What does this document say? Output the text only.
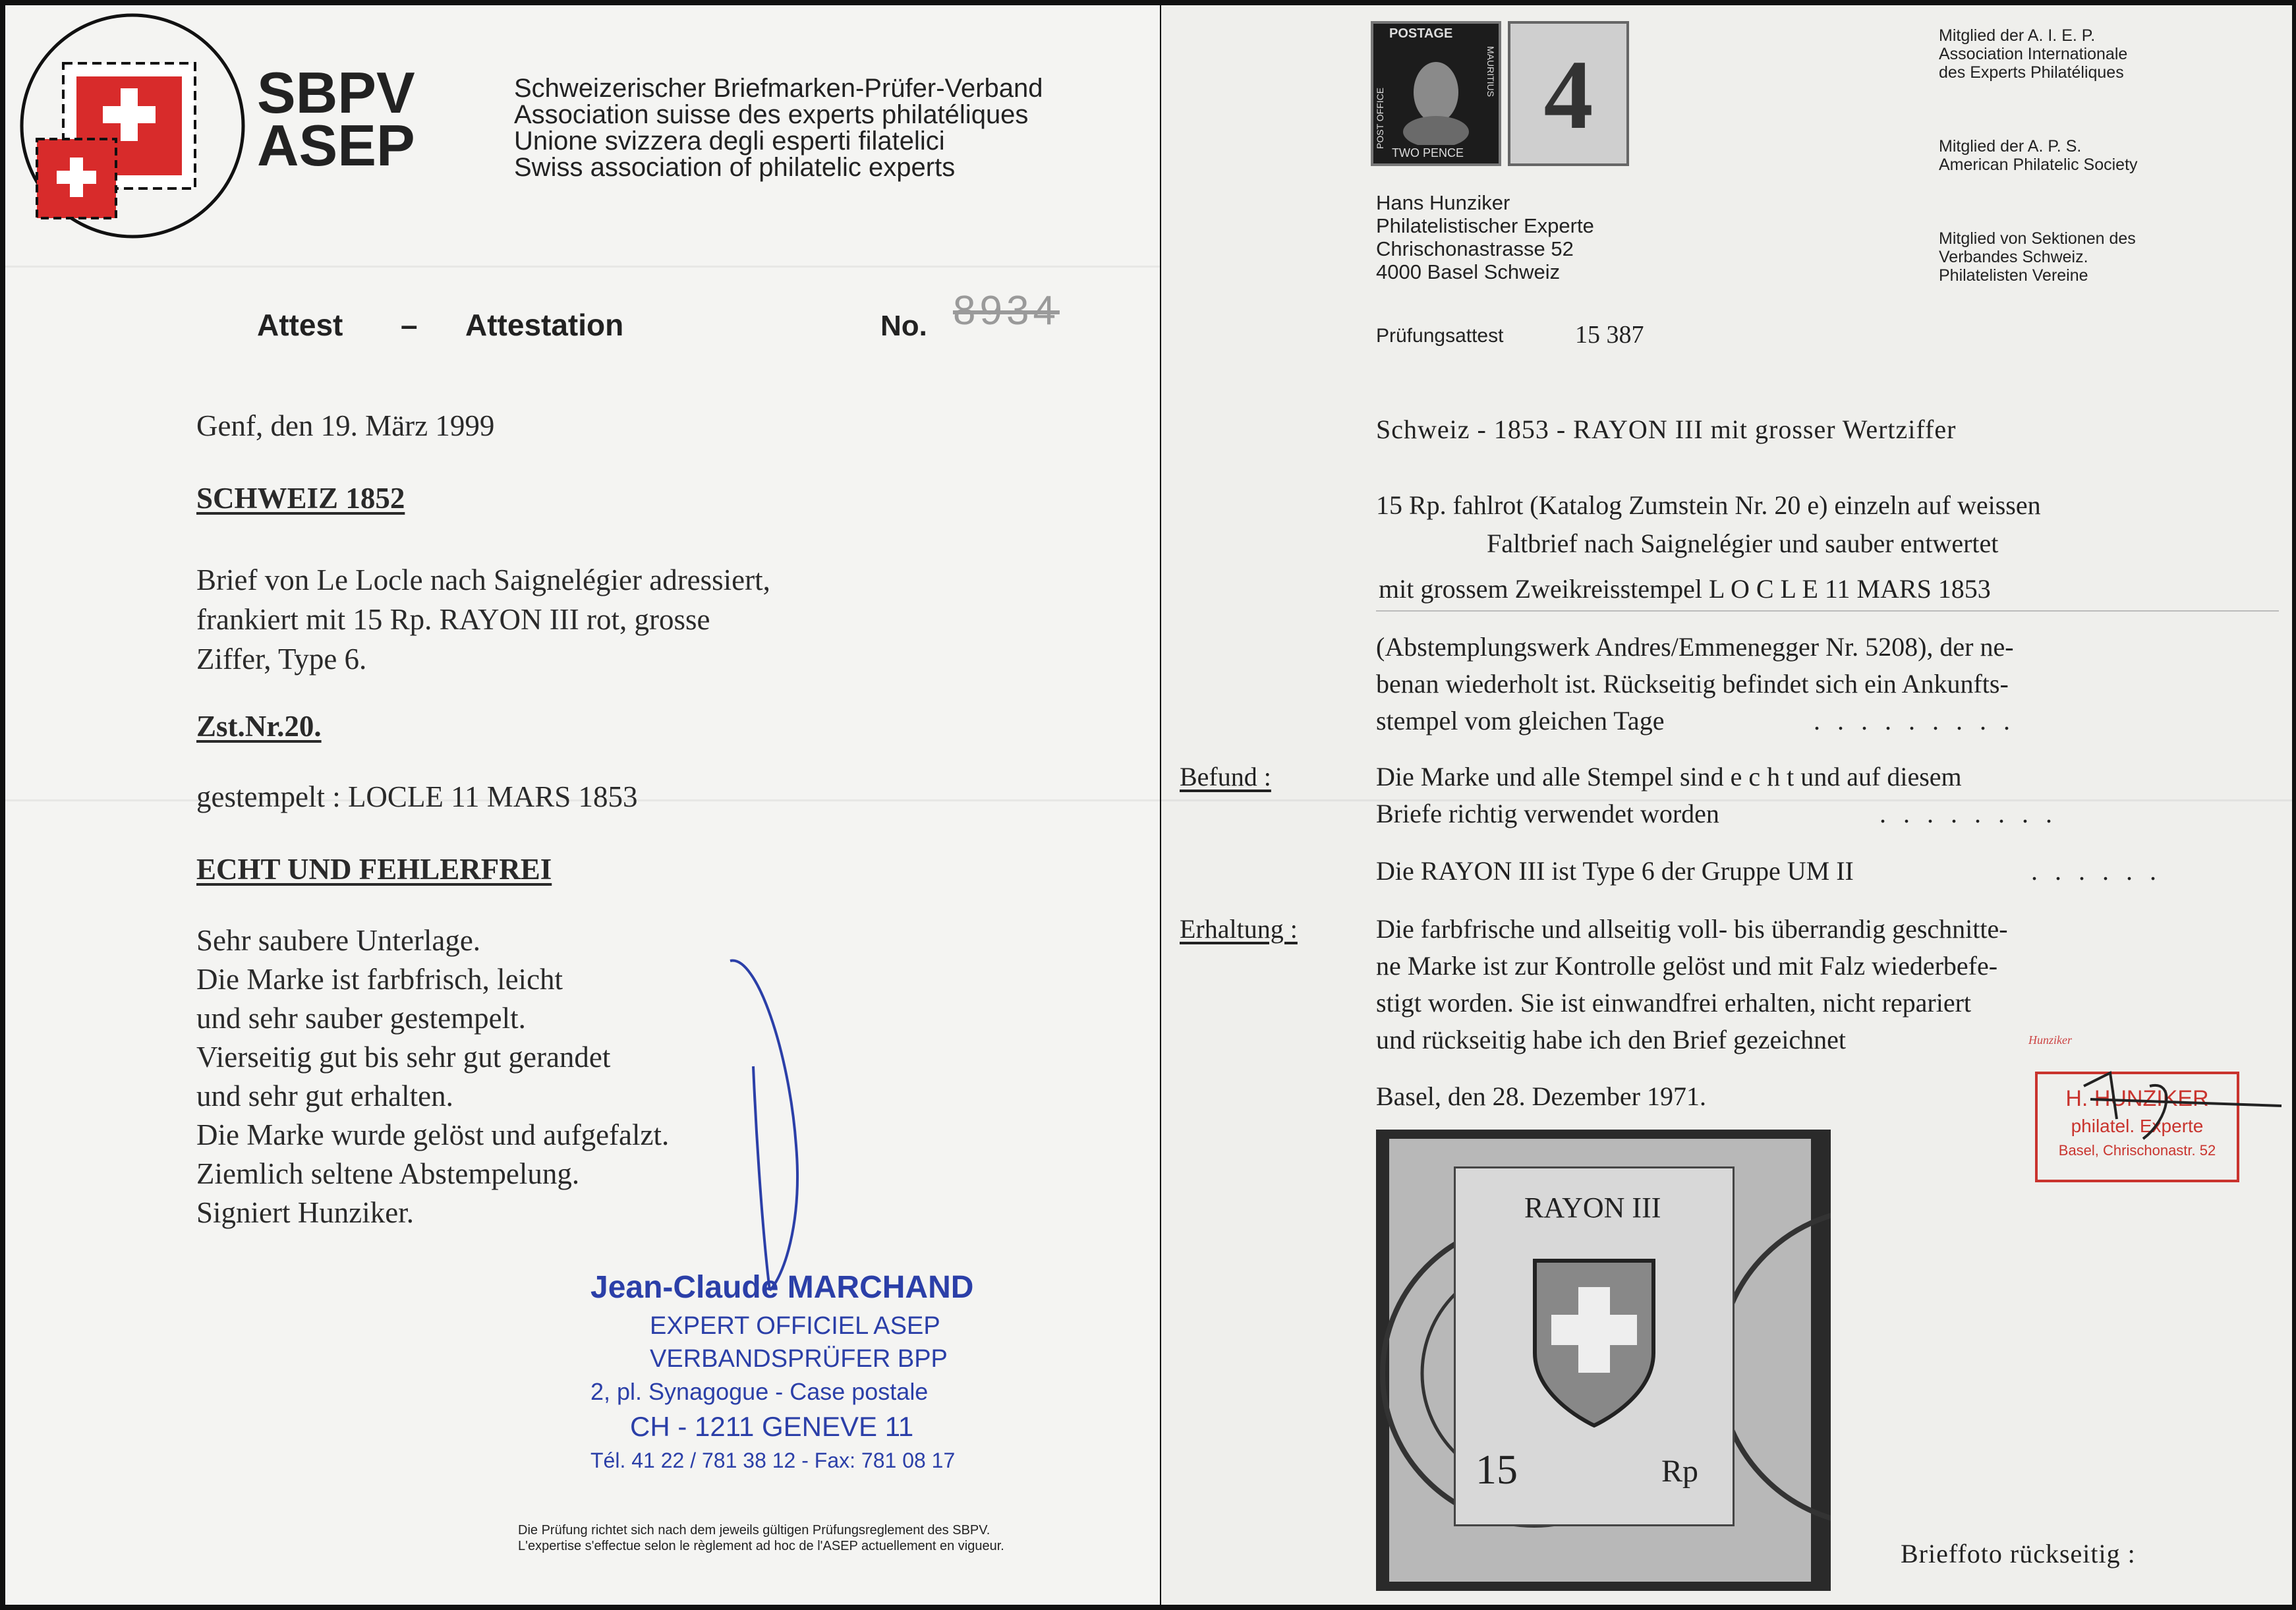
SBPV
ASEP
Schweizerischer Briefmarken-Prüfer-Verband
Association suisse des experts philatéliques
Unione svizzera degli esperti filatelici
Swiss association of philatelic experts
Attest – Attestation	No. 8934
Genf, den 19. März 1999
SCHWEIZ 1852
Brief von Le Locle nach Saignelégier adressiert,
frankiert mit 15 Rp. RAYON III rot, grosse
Ziffer, Type 6.
Zst.Nr.20.
gestempelt : LOCLE 11 MARS 1853
ECHT UND FEHLERFREI
Sehr saubere Unterlage.
Die Marke ist farbfrisch, leicht
und sehr sauber gestempelt.
Vierseitig gut bis sehr gut gerandet
und sehr gut erhalten.
Die Marke wurde gelöst und aufgefalzt.
Ziemlich seltene Abstempelung.
Signiert Hunziker.
Jean-Claude MARCHAND
EXPERT OFFICIEL ASEP
VERBANDSPRÜFER BPP
2, pl. Synagogue - Case postale
CH - 1211 GENEVE 11
Tél. 41 22 / 781 38 12 - Fax: 781 08 17
Die Prüfung richtet sich nach dem jeweils gültigen Prüfungsreglement des SBPV.
L'expertise s'effectue selon le règlement ad hoc de l'ASEP actuellement en vigueur.
POSTAGE
POST OFFICE
MAURITIUS
TWO PENCE
4
Mitglied der A. I. E. P.
Association Internationale
des Experts Philatéliques
Mitglied der A. P. S.
American Philatelic Society
Mitglied von Sektionen des
Verbandes Schweiz.
Philatelisten Vereine
Hans Hunziker
Philatelistischer Experte
Chrischonastrasse 52
4000 Basel Schweiz
Prüfungsattest	15 387
Schweiz - 1853 - RAYON III mit grosser Wertziffer
15 Rp. fahlrot (Katalog Zumstein Nr. 20 e) einzeln auf weissen
Faltbrief nach Saignelégier und sauber entwertet
mit grossem Zweikreisstempel L O C L E 11 MARS 1853
(Abstemplungswerk Andres/Emmenegger Nr. 5208), der ne-
benan wiederholt ist. Rückseitig befindet sich ein Ankunfts-
stempel vom gleichen Tage	.........
Befund :	Die Marke und alle Stempel sind e c h t und auf diesem
Briefe richtig verwendet worden	........
Die RAYON III ist Type 6 der Gruppe UM II	......
Erhaltung :	Die farbfrische und allseitig voll- bis überrandig geschnitte-
ne Marke ist zur Kontrolle gelöst und mit Falz wiederbefe-
stigt worden. Sie ist einwandfrei erhalten, nicht repariert
und rückseitig habe ich den Brief gezeichnet	Hunziker
Basel, den 28. Dezember 1971.	H. HUNZIKER
philatel. Experte
Basel, Chrischonastr. 52
RAYON III
15	Rp
Brieffoto rückseitig :
